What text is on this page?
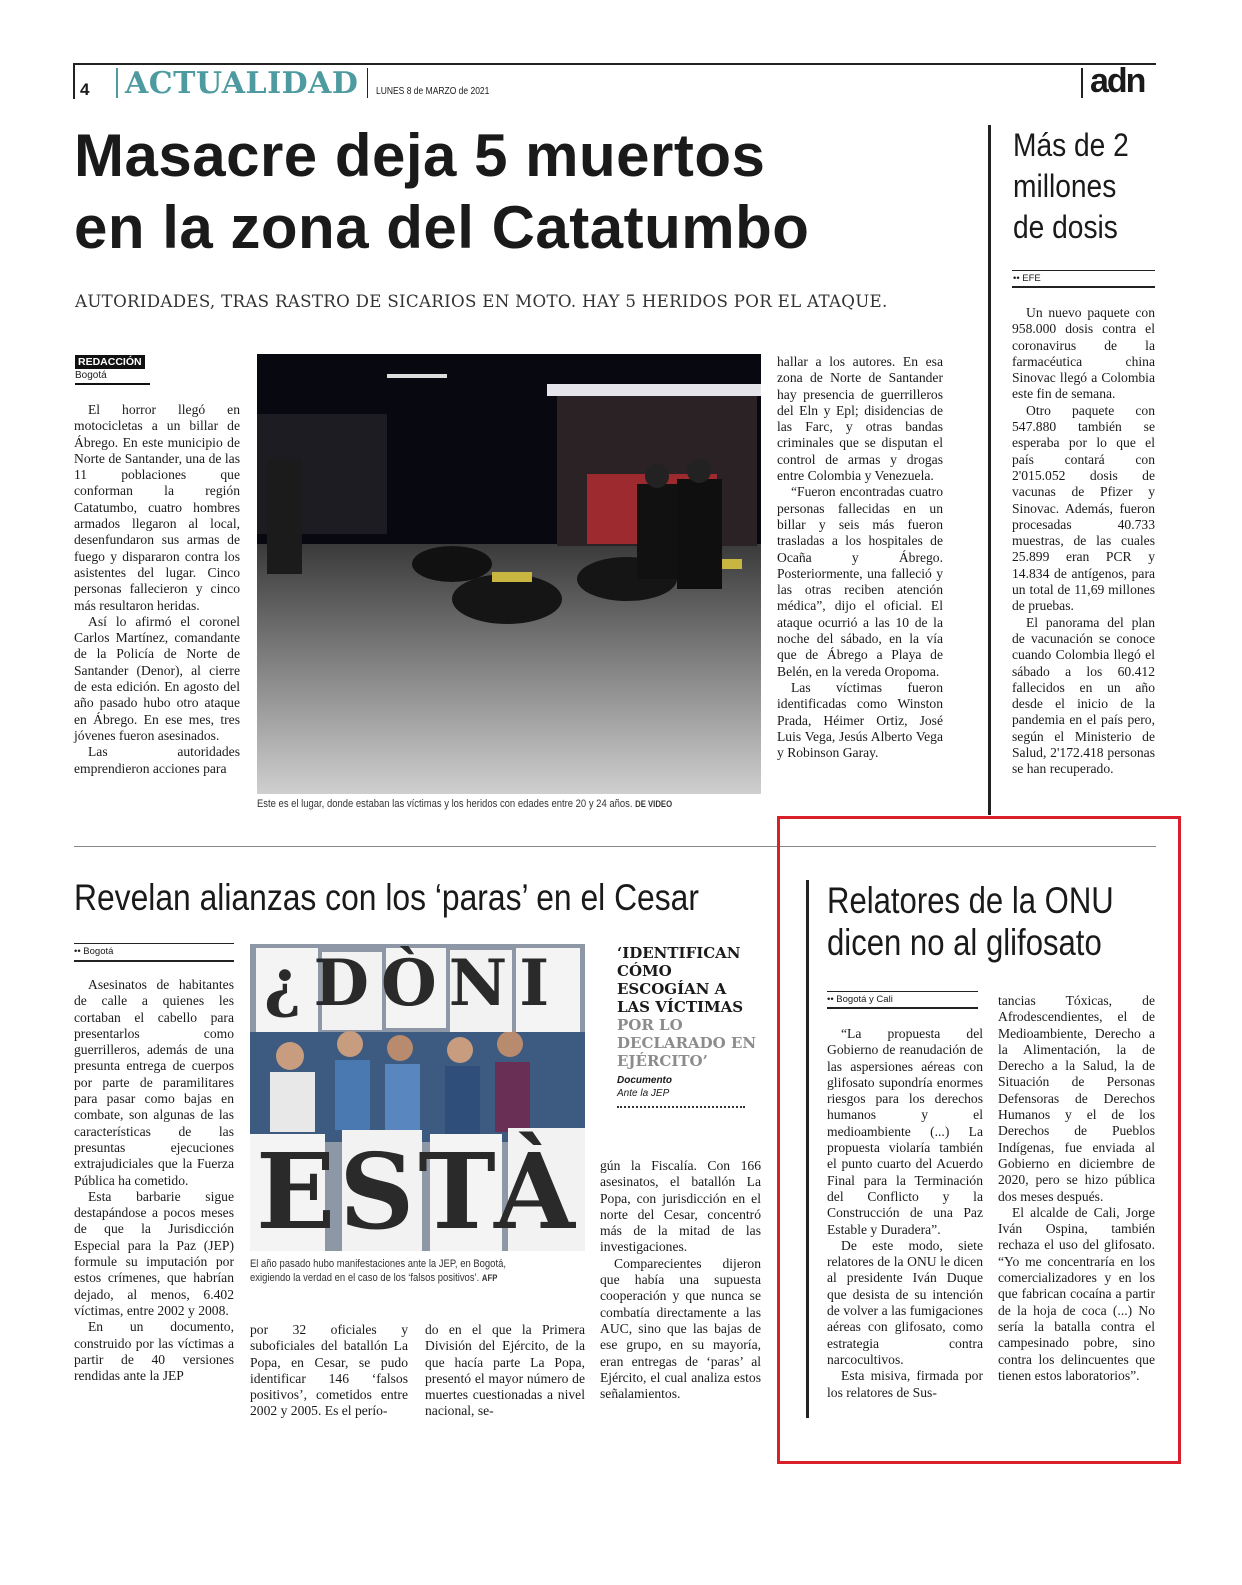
4 ACTUALIDAD LUNES 8 de MARZO de 2021	adn
Masacre deja 5 muertos
en la zona del Catatumbo
AUTORIDADES, TRAS RASTRO DE SICARIOS EN MOTO. HAY 5 HERIDOS POR EL ATAQUE.
REDACCIÓN
Bogotá

El horror llegó en motocicletas a un billar de Ábrego. En este municipio de Norte de Santander, una de las 11 poblaciones que conforman la región Catatumbo, cuatro hombres armados llegaron al local, desenfundaron sus armas de fuego y dispararon contra los asistentes del lugar. Cinco personas fallecieron y cinco más resultaron heridas.

Así lo afirmó el coronel Carlos Martínez, comandante de la Policía de Norte de Santander (Denor), al cierre de esta edición. En agosto del año pasado hubo otro ataque en Ábrego. En ese mes, tres jóvenes fueron asesinados.

Las autoridades emprendieron acciones para

Este es el lugar, donde estaban las víctimas y los heridos con edades entre 20 y 24 años. DE VIDEO

hallar a los autores. En esa zona de Norte de Santander hay presencia de guerrilleros del Eln y Epl; disidencias de las Farc, y otras bandas criminales que se disputan el control de armas y drogas entre Colombia y Venezuela.

“Fueron encontradas cuatro personas fallecidas en un billar y seis más fueron trasladas a los hospitales de Ocaña y Ábrego. Posteriormente, una falleció y las otras reciben atención médica”, dijo el oficial. El ataque ocurrió a las 10 de la noche del sábado, en la vía que de Ábrego a Playa de Belén, en la vereda Oropoma.

Las víctimas fueron identificadas como Winston Prada, Héimer Ortiz, José Luis Vega, Jesús Alberto Vega y Robinson Garay.

Más de 2 millones de dosis
•• EFE

Un nuevo paquete con 958.000 dosis contra el coronavirus de la farmacéutica china Sinovac llegó a Colombia este fin de semana.

Otro paquete con 547.880 también se esperaba por lo que el país contará con 2'015.052 dosis de vacunas de Pfizer y Sinovac. Además, fueron procesadas 40.733 muestras, de las cuales 25.899 eran PCR y 14.834 de antígenos, para un total de 11,69 millones de pruebas.

El panorama del plan de vacunación se conoce cuando Colombia llegó el sábado a los 60.412 fallecidos en un año desde el inicio de la pandemia en el país pero, según el Ministerio de Salud, 2'172.418 personas se han recuperado.

Revelan alianzas con los ‘paras’ en el Cesar
•• Bogotá

Asesinatos de habitantes de calle a quienes les cortaban el cabello para presentarlos como guerrilleros, además de una presunta entrega de cuerpos por parte de paramilitares para pasar como bajas en combate, son algunas de las características de las presuntas ejecuciones extrajudiciales que la Fuerza Pública ha cometido.

Esta barbarie sigue destapándose a pocos meses de que la Jurisdicción Especial para la Paz (JEP) formule su imputación por estos crímenes, que habrían dejado, al menos, 6.402 víctimas, entre 2002 y 2008.

En un documento, construido por las víctimas a partir de 40 versiones rendidas ante la JEP

¿DÒNI
ESTÀ
El año pasado hubo manifestaciones ante la JEP, en Bogotá,
exigiendo la verdad en el caso de los ‘falsos positivos’. AFP
‘IDENTIFICAN CÓMO ESCOGÍAN A LAS VÍCTIMAS
POR LO DECLARADO EN EJÉRCITO’
Documento
Ante la JEP

gún la Fiscalía. Con 166 asesinatos, el batallón La Popa, con jurisdicción en el norte del Cesar, concentró más de la mitad de las investigaciones.

Comparecientes dijeron que había una supuesta cooperación y que nunca se combatía directamente a las AUC, sino que las bajas de ese grupo, en su mayoría, eran entregas de ‘paras’ al Ejército, el cual analiza estos señalamientos.

por 32 oficiales y suboficiales del batallón La Popa, en Cesar, se pudo identificar 146 ‘falsos positivos’, cometidos entre 2002 y 2005. Es el perío-

do en el que la Primera División del Ejército, de la que hacía parte La Popa, presentó el mayor número de muertes cuestionadas a nivel nacional, se-

Relatores de la ONU
dicen no al glifosato
•• Bogotá y Cali

“La propuesta del Gobierno de reanudación de las aspersiones aéreas con glifosato supondría enormes riesgos para los derechos humanos y el medioambiente (...) La propuesta violaría también el punto cuarto del Acuerdo Final para la Terminación del Conflicto y la Construcción de una Paz Estable y Duradera”.

De este modo, siete relatores de la ONU le dicen al presidente Iván Duque que desista de su intención de volver a las fumigaciones aéreas con glifosato, como estrategia contra narcocultivos.

Esta misiva, firmada por los relatores de Sus-

tancias Tóxicas, de Afrodescendientes, el de Medioambiente, Derecho a la Alimentación, la de Derecho a la Salud, la de Situación de Personas Defensoras de Derechos Humanos y el de los Derechos de Pueblos Indígenas, fue enviada al Gobierno en diciembre de 2020, pero se hizo pública dos meses después.

El alcalde de Cali, Jorge Iván Ospina, también rechaza el uso del glifosato. “Yo me concentraría en los comercializadores y en los que fabrican cocaína a partir de la hoja de coca (...) No sería la batalla contra el campesinado pobre, sino contra los delincuentes que tienen estos laboratorios”.
